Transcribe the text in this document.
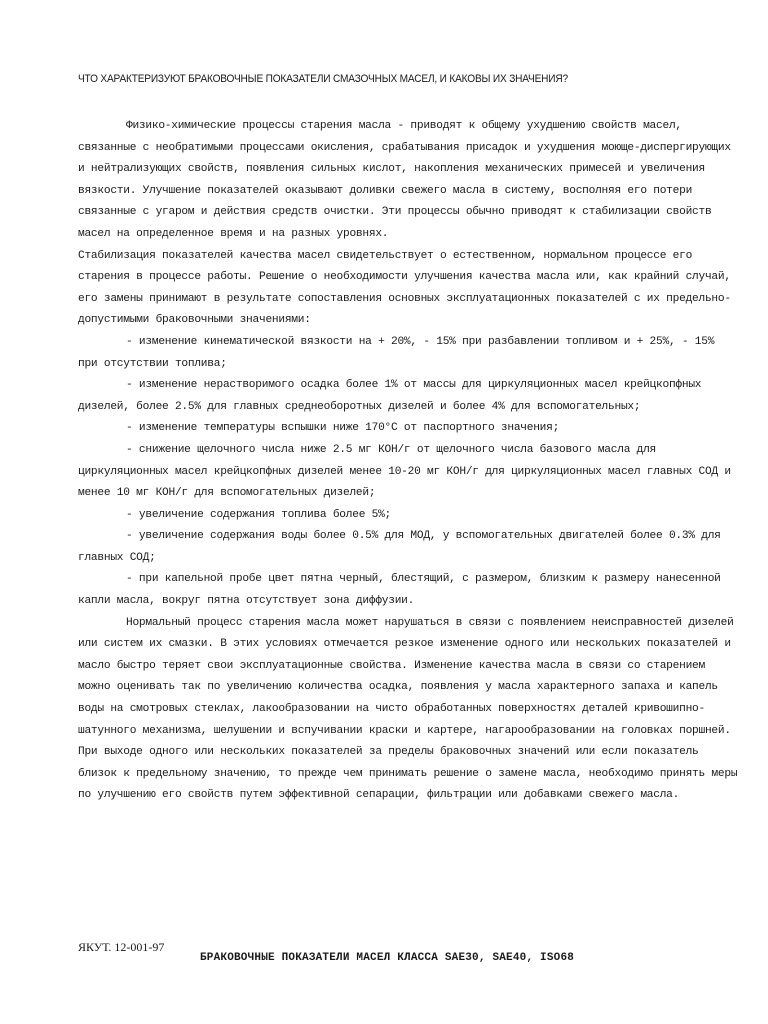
ЧТО ХАРАКТЕРИЗУЮТ БРАКОВОЧНЫЕ ПОКАЗАТЕЛИ СМАЗОЧНЫХ МАСЕЛ, И КАКОВЫ ИХ ЗНАЧЕНИЯ?

Физико-химические процессы старения масла - приводят к общему ухудшению свойств масел, связанные с необратимыми процессами окисления, срабатывания присадок и ухудшения моюще-диспергирующих и нейтрализующих свойств, появления сильных кислот, накопления механических примесей и увеличения вязкости. Улучшение показателей оказывают доливки свежего масла в систему, восполняя его потери связанные с угаром и действия средств очистки. Эти процессы обычно приводят к стабилизации свойств масел на определенное время и на разных уровнях.

Стабилизация показателей качества масел свидетельствует о естественном, нормальном процессе его старения в процессе работы. Решение о необходимости улучшения качества масла или, как крайний случай, его замены принимают в результате сопоставления основных эксплуатационных показателей с их предельно-допустимыми браковочными значениями:

- изменение кинематической вязкости на + 20%, - 15% при разбавлении топливом и + 25%, - 15% при отсутствии топлива;

- изменение нерастворимого осадка более 1% от массы для циркуляционных масел крейцкопфных дизелей, более 2.5% для главных среднеоборотных дизелей и более 4% для вспомогательных;

- изменение температуры вспышки ниже 170°С от паспортного значения;

- снижение щелочного числа ниже 2.5 мг КОН/г от щелочного числа базового масла для циркуляционных масел крейцкопфных дизелей менее 10-20 мг КОН/г для циркуляционных масел главных СОД и менее 10 мг КОН/г для вспомогательных дизелей;

- увеличение содержания топлива более 5%;

- увеличение содержания воды более 0.5% для МОД, у вспомогательных двигателей более 0.3% для главных СОД;

- при капельной пробе цвет пятна черный, блестящий, с размером, близким к размеру нанесенной капли масла, вокруг пятна отсутствует зона диффузии.

Нормальный процесс старения масла может нарушаться в связи с появлением неисправностей дизелей или систем их смазки. В этих условиях отмечается резкое изменение одного или нескольких показателей и масло быстро теряет свои эксплуатационные свойства. Изменение качества масла в связи со старением можно оценивать так по увеличению количества осадка, появления у масла характерного запаха и капель воды на смотровых стеклах, лакообразовании на чисто обработанных поверхностях деталей кривошипно-шатунного механизма, шелушении и вспучивании краски и картере, нагарообразовании на головках поршней. При выходе одного или нескольких показателей за пределы браковочных значений или если показатель близок к предельному значению, то прежде чем принимать решение о замене масла, необходимо принять меры по улучшению его свойств путем эффективной сепарации, фильтрации или добавками свежего масла.

ЯКУТ. 12-001-97
БРАКОВОЧНЫЕ ПОКАЗАТЕЛИ МАСЕЛ КЛАССА SAE30, SAE40, ISO68
